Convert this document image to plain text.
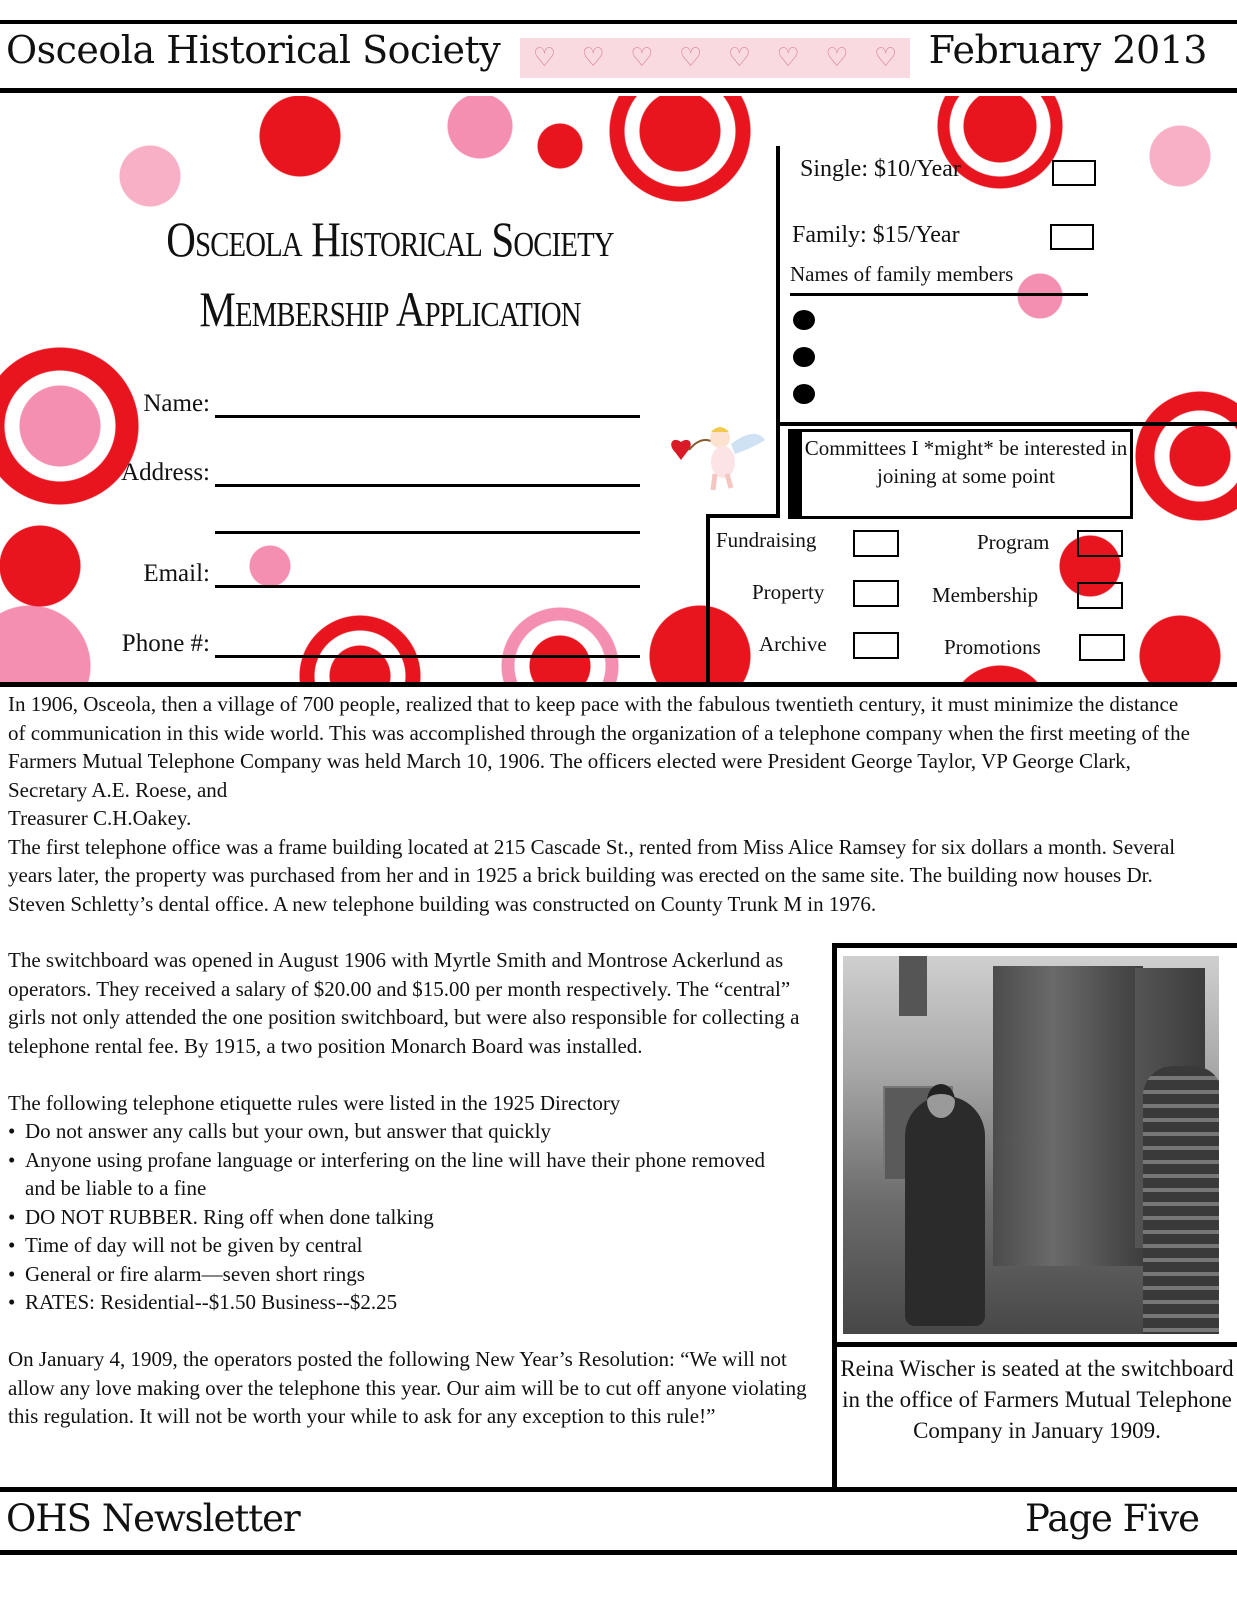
Osceola Historical Society ♡ ♡ ♡ ♡ ♡ ♡ ♡ ♡ February 2013
Osceola Historical Society
Membership Application
Name:
Address:
Email:
Phone #:
Single: $10/Year
Family: $15/Year
Names of family members
Committees I *might* be interested in joining at some point
Fundraising	Program
Property	Membership
Archive	Promotions

In 1906, Osceola, then a village of 700 people, realized that to keep pace with the fabulous twentieth century, it must minimize the distance of communication in this wide world. This was accomplished through the organization of a telephone company when the first meeting of the Farmers Mutual Telephone Company was held March 10, 1906. The officers elected were President George Taylor, VP George Clark, Secretary A.E. Roese, and

Treasurer C.H.Oakey.

The first telephone office was a frame building located at 215 Cascade St., rented from Miss Alice Ramsey for six dollars a month. Several years later, the property was purchased from her and in 1925 a brick building was erected on the same site. The building now houses Dr. Steven Schletty’s dental office. A new telephone building was constructed on County Trunk M in 1976.

The switchboard was opened in August 1906 with Myrtle Smith and Montrose Ackerlund as operators. They received a salary of $20.00 and $15.00 per month respectively. The “central” girls not only attended the one position switchboard, but were also responsible for collecting a telephone rental fee. By 1915, a two position Monarch Board was installed.

The following telephone etiquette rules were listed in the 1925 Directory

• Do not answer any calls but your own, but answer that quickly
• Anyone using profane language or interfering on the line will have their phone removed and be liable to a fine
• DO NOT RUBBER. Ring off when done talking
• Time of day will not be given by central
• General or fire alarm—seven short rings
• RATES: Residential--$1.50 Business--$2.25

On January 4, 1909, the operators posted the following New Year’s Resolution: “We will not allow any love making over the telephone this year. Our aim will be to cut off anyone violating this regulation. It will not be worth your while to ask for any exception to this rule!”

Reina Wischer is seated at the switchboard in the office of Farmers Mutual Telephone Company in January 1909.
OHS Newsletter	Page Five
